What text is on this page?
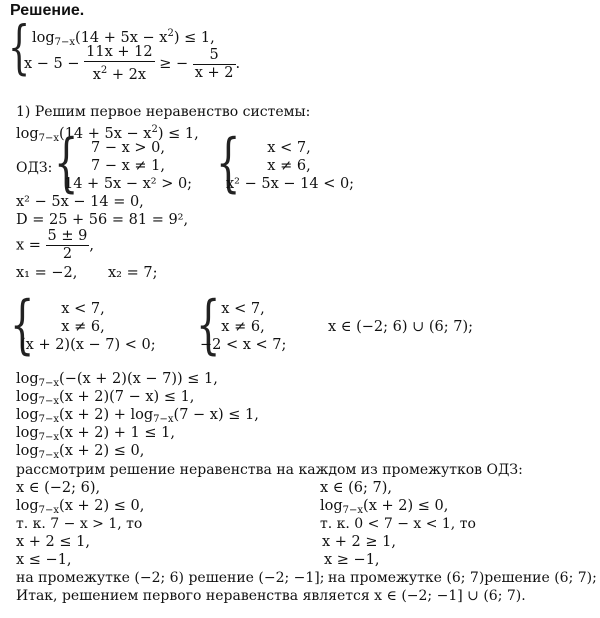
Решение.
{ $\log_{7-x}(14 + 5x - x^2) \le 1$,
$x - 5 - \frac{11x + 12}{x^2 + 2x}$ ≥ − $\frac{5}{x + 2}$ .
1) Решим первое неравенство системы:
$\log_{7-x}(14 + 5x - x^2) \le 1$,
ОДЗ: { 7 − x > 0,
7 − x ≠ 1,
14 + 5x − x² > 0; {	x < 7,
x ≠ 6,
x² − 5x − 14 < 0;
x² − 5x − 14 = 0,
D = 25 + 56 = 81 = 9²,
$x = \frac{5 \pm 9}{2}$ ,
x₁ = −2, x₂ = 7;
{	x < 7,
x ≠ 6,
(x + 2)(x − 7) < 0; { x < 7,
x ≠ 6,
−2 < x < 7;
x ∈ (−2; 6) ∪ (6; 7);
$\log_{7-x}(-(x + 2)(x - 7)) \le 1$,
$\log_{7-x}(x + 2)(7 - x) \le 1$,
$\log_{7-x}(x + 2) + \log_{7-x}(7 - x) \le 1$,
$\log_{7-x}(x + 2) + 1 \le 1$,
$\log_{7-x}(x + 2) \le 0$,
рассмотрим решение неравенства на каждом из промежутков ОДЗ:
x ∈ (−2; 6),
$\log_{7-x}(x + 2) \le 0$,
т. к. 7 − x > 1, то
x + 2 ≤ 1,
x ≤ −1,
на промежутке (−2; 6) решение (−2; −1];
x ∈ (6; 7),
$\log_{7-x}(x + 2) \le 0$,
т. к. 0 < 7 − x < 1, то
x + 2 ≥ 1,
x ≥ −1,
на промежутке (6; 7)решение (6; 7);
Итак, решением первого неравенства является x ∈ (−2; −1] ∪ (6; 7).
